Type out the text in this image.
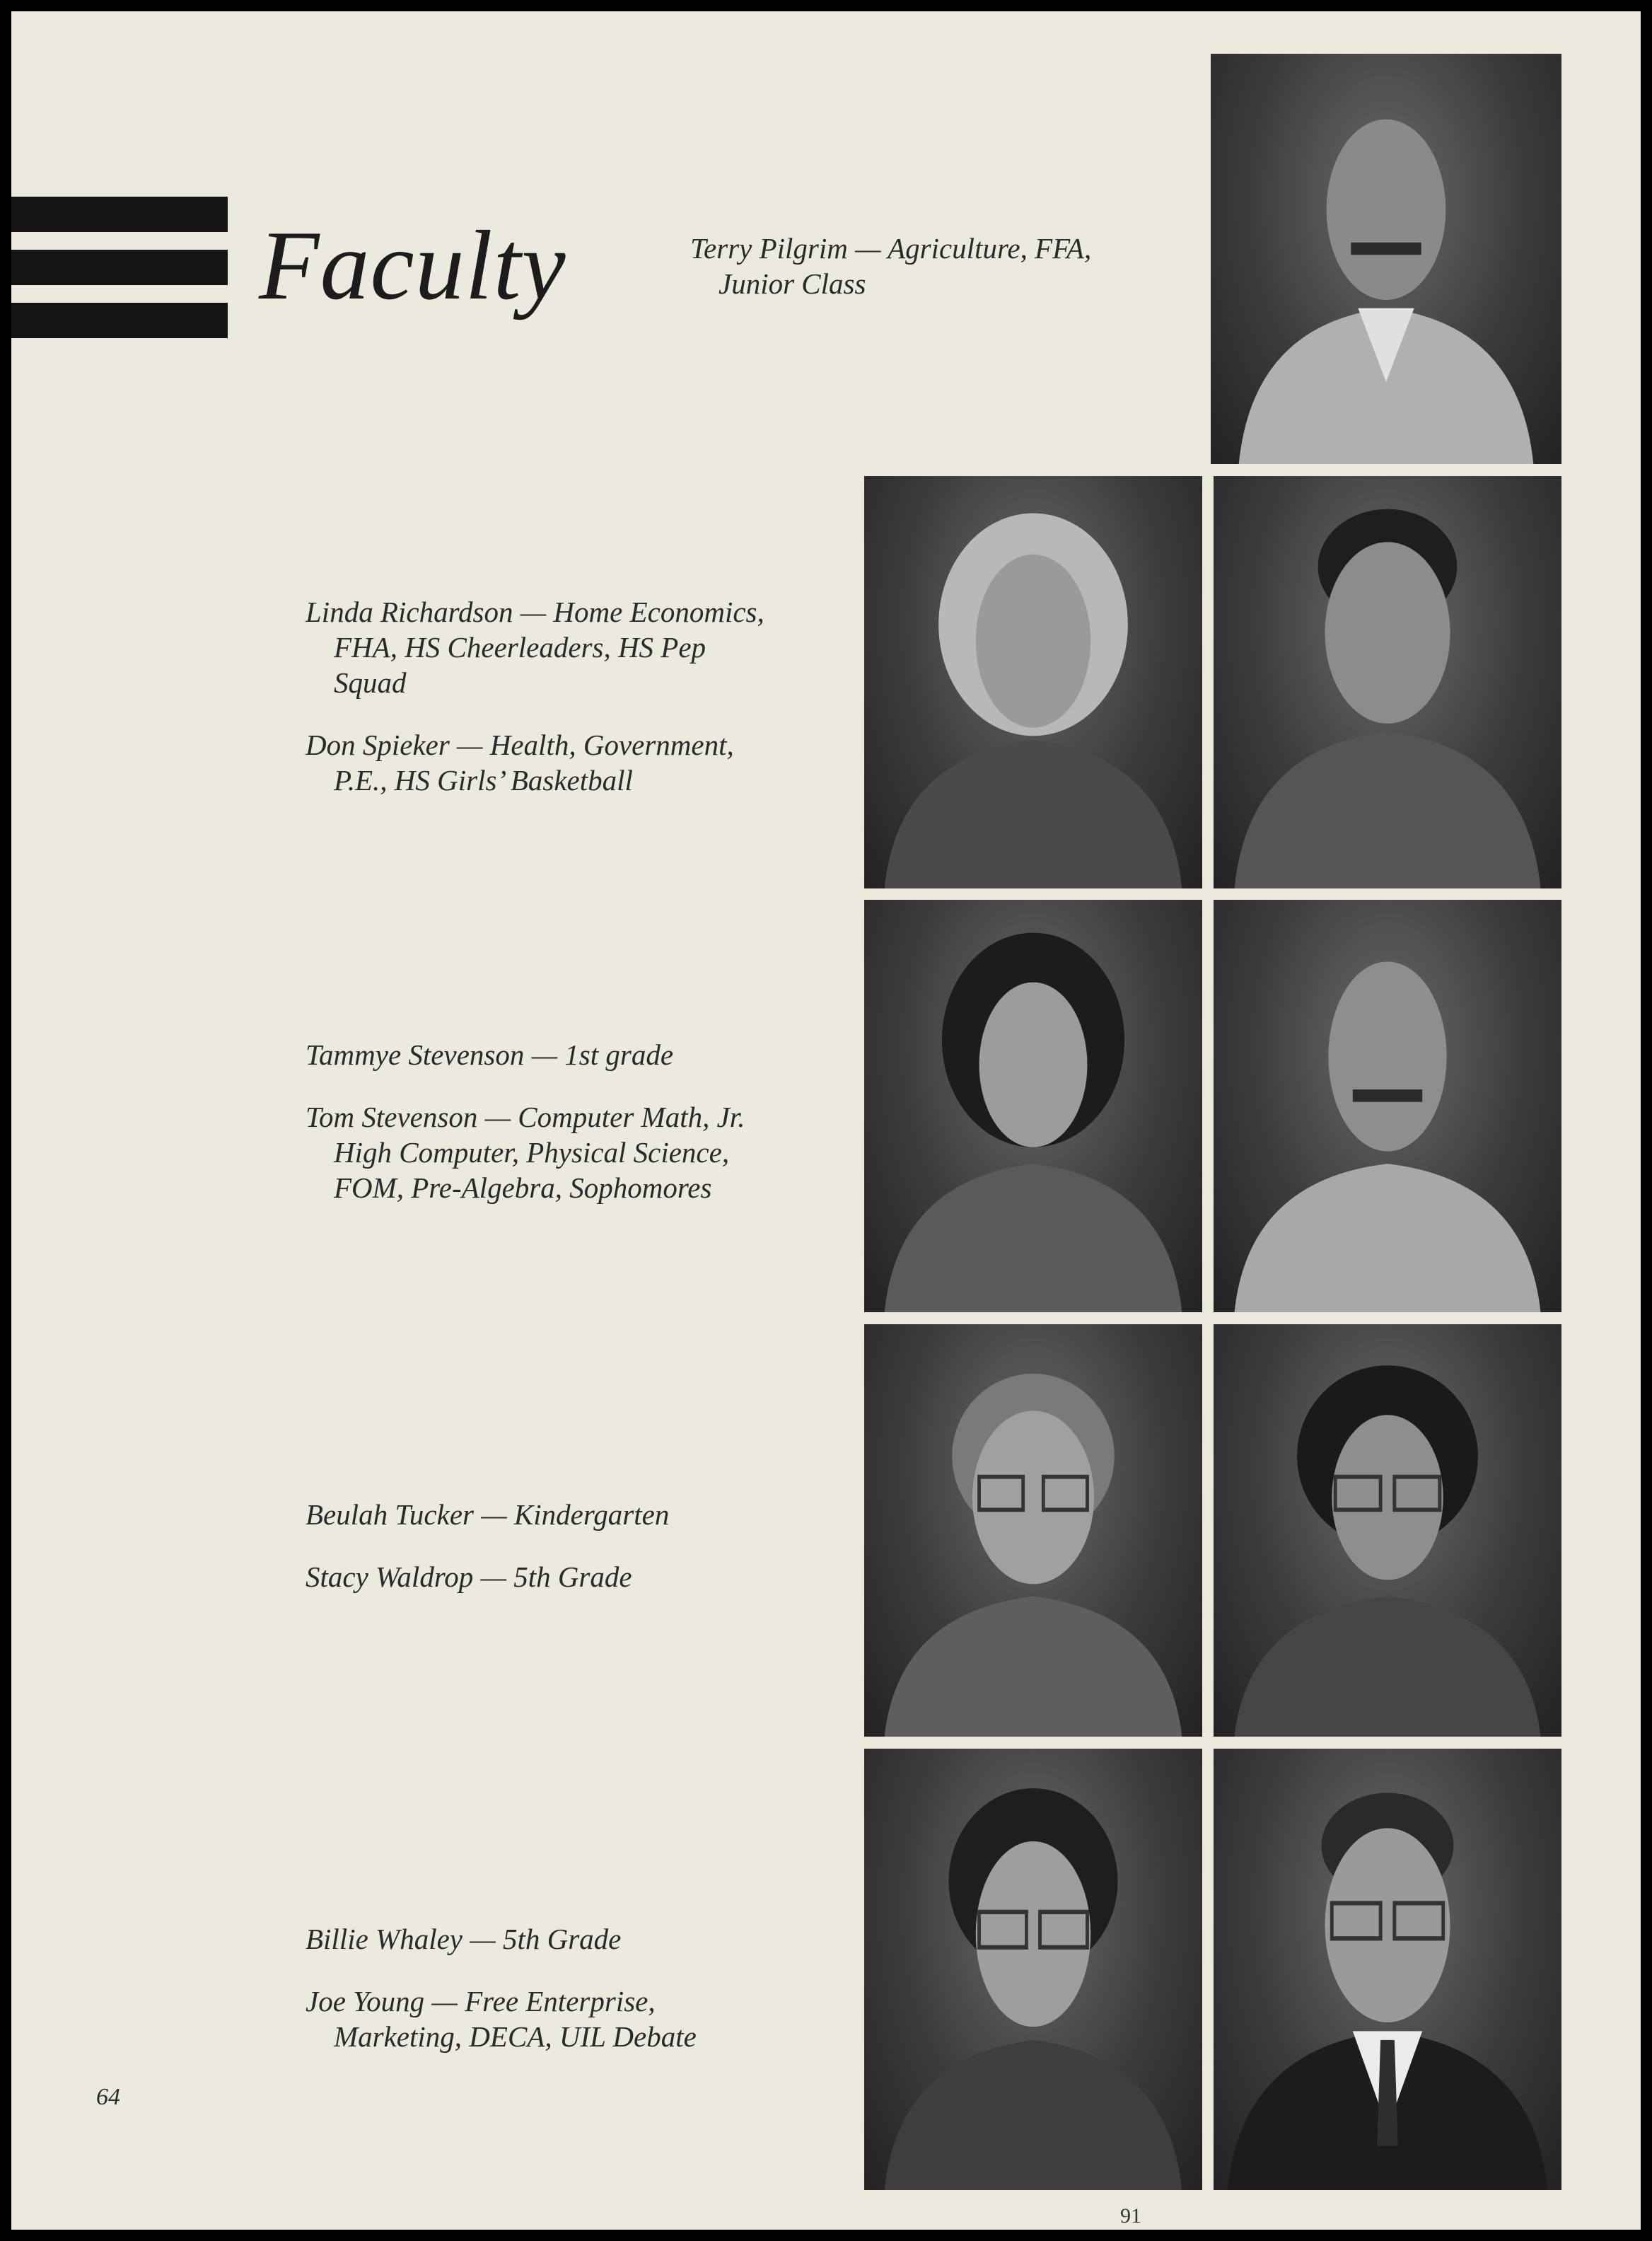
Faculty	Terry Pilgrim — Agriculture, FFA,
Junior Class

Linda Richardson — Home Economics,
FHA, HS Cheerleaders, HS Pep
Squad

Don Spieker — Health, Government,
P.E., HS Girls’ Basketball

Tammye Stevenson — 1st grade

Tom Stevenson — Computer Math, Jr.
High Computer, Physical Science,
FOM, Pre-Algebra, Sophomores

Beulah Tucker — Kindergarten

Stacy Waldrop — 5th Grade

Billie Whaley — 5th Grade

Joe Young — Free Enterprise,
Marketing, DECA, UIL Debate

64
91
